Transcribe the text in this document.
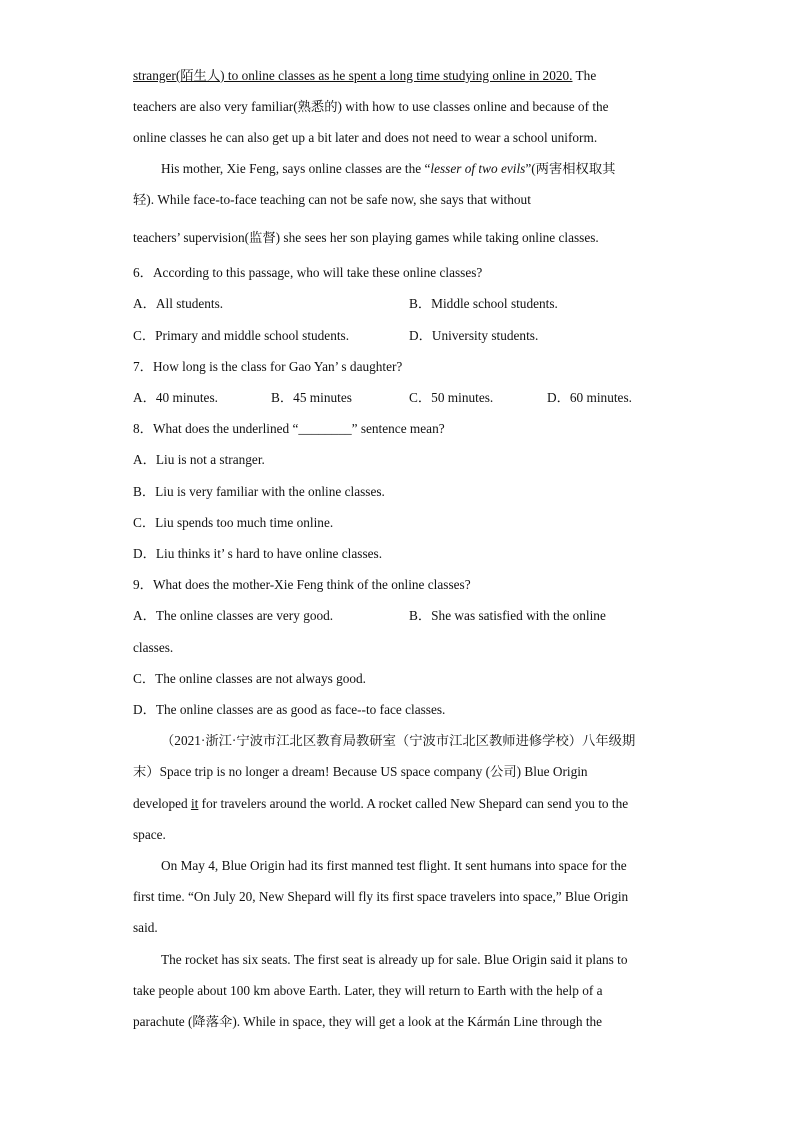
stranger(陌生人) to online classes as he spent a long time studying online in 2020. The
teachers are also very familiar(熟悉的) with how to use classes online and because of the
online classes he can also get up a bit later and does not need to wear a school uniform.
His mother, Xie Feng, says online classes are the “lesser of two evils”(两害相权取其
轻). While face-to-face teaching can not be safe now, she says that without
teachers’ supervision(监督) she sees her son playing games while taking online classes.
6．According to this passage, who will take these online classes?
A．All students.	B．Middle school students.
C．Primary and middle school students.	D．University students.
7．How long is the class for Gao Yan’ s daughter?
A．40 minutes.	B．45 minutes	C．50 minutes.	D．60 minutes.
8．What does the underlined “________” sentence mean?
A．Liu is not a stranger.
B．Liu is very familiar with the online classes.
C．Liu spends too much time online.
D．Liu thinks it’ s hard to have online classes.
9．What does the mother-Xie Feng think of the online classes?
A．The online classes are very good.	B．She was satisfied with the online
classes.
C．The online classes are not always good.
D．The online classes are as good as face--to face classes.
（2021·浙江·宁波市江北区教育局教研室（宁波市江北区教师进修学校）八年级期
末）Space trip is no longer a dream! Because US space company (公司) Blue Origin
developed it for travelers around the world. A rocket called New Shepard can send you to the
space.
On May 4, Blue Origin had its first manned test flight. It sent humans into space for the
first time. “On July 20, New Shepard will fly its first space travelers into space,” Blue Origin
said.
The rocket has six seats. The first seat is already up for sale. Blue Origin said it plans to
take people about 100 km above Earth. Later, they will return to Earth with the help of a
parachute (降落伞). While in space, they will get a look at the Kármán Line through the
